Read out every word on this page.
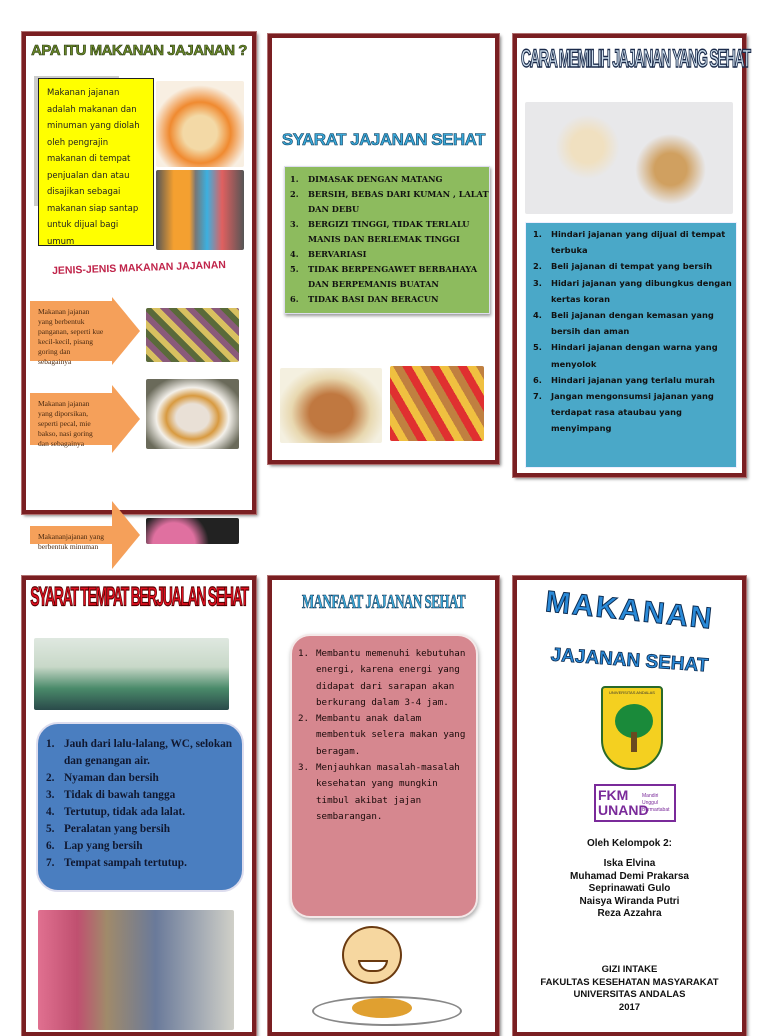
APA ITU MAKANAN JAJANAN ?
Makanan jajanan adalah makanan dan minuman yang diolah oleh pengrajin makanan di tempat penjualan dan atau disajikan sebagai makanan siap santap untuk dijual bagi umum
JENIS-JENIS MAKANAN JAJANAN
Makanan jajanan yang berbentuk panganan, seperti kue kecil-kecil, pisang goring dan sebagainya
Makanan jajanan yang diporsikan, seperti pecal, mie bakso, nasi goring dan sebagainya
Makananjajanan yang berbentuk minuman
SYARAT JAJANAN SEHAT
1. DIMASAK DENGAN MATANG
2.	BERSIH, BEBAS DARI KUMAN , LALAT DAN DEBU
3.	BERGIZI TINGGI, TIDAK TERLALU MANIS DAN BERLEMAK TINGGI
4. BERVARIASI
5.	TIDAK BERPENGAWET BERBAHAYA DAN BERPEMANIS BUATAN
6. TIDAK BASI DAN BERACUN
CARA MEMILIH JAJANAN YANG SEHAT
1.	Hindari jajanan yang dijual di tempat terbuka
2.	Beli jajanan di tempat yang bersih
3.	Hidari jajanan yang dibungkus dengan kertas koran
4.	Beli jajanan dengan kemasan yang bersih dan aman
5.	Hindari jajanan dengan warna yang menyolok
6.	Hindari jajanan yang terlalu murah
7.	Jangan mengonsumsi jajanan yang terdapat rasa ataubau yang menyimpang
SYARAT TEMPAT BERJUALAN SEHAT
1. Jauh dari lalu-lalang, WC, selokan dan genangan air.
2. Nyaman dan bersih
3. Tidak di bawah tangga
4. Tertutup, tidak ada lalat.
5. Peralatan yang bersih
6. Lap yang bersih
7. Tempat sampah tertutup.
MANFAAT JAJANAN SEHAT
1. Membantu memenuhi kebutuhan energi, karena energi yang didapat dari sarapan akan berkurang dalam 3-4 jam.
2. Membantu anak dalam membentuk selera makan yang beragam.
3. Menjauhkan masalah-masalah kesehatan yang mungkin timbul akibat jajan sembarangan.
MAKANAN
JAJANAN SEHAT
UNIVERSITAS ANDALAS
FKM UNAND
Mandiri Unggul Bermartabat
Oleh Kelompok 2:
Iska Elvina
Muhamad Demi Prakarsa
Seprinawati Gulo
Naisya Wiranda Putri
Reza Azzahra
GIZI INTAKE
FAKULTAS KESEHATAN MASYARAKAT
UNIVERSITAS ANDALAS
2017
